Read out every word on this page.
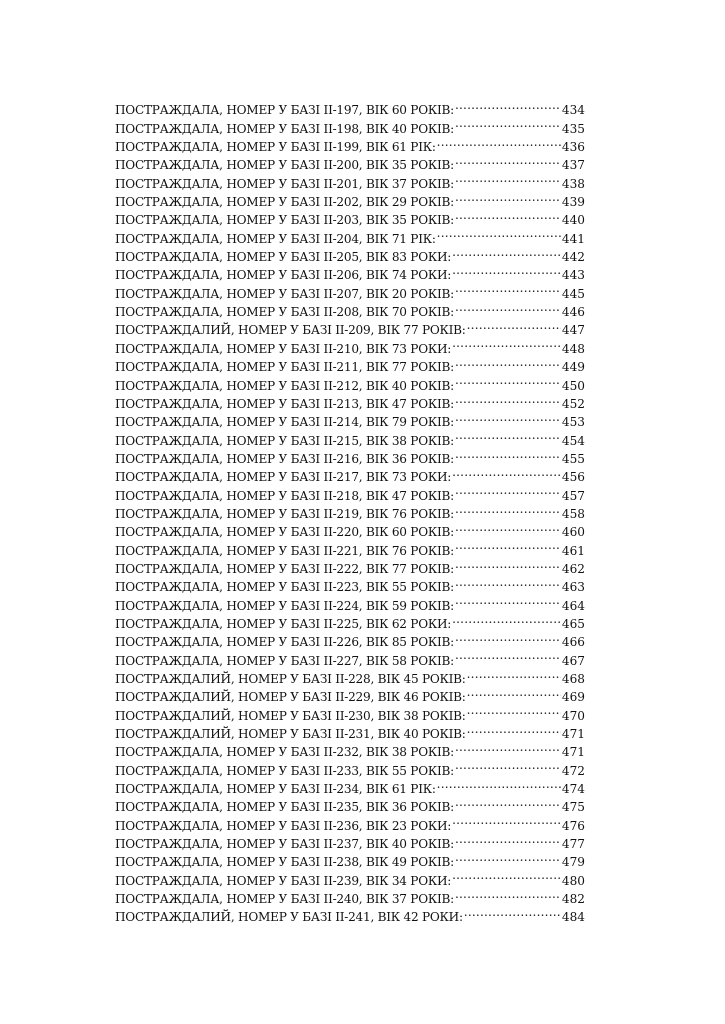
ПОСТРАЖДАЛА, НОМЕР У БАЗІ II-197, ВІК 60 РОКІВ: .....	434
ПОСТРАЖДАЛА, НОМЕР У БАЗІ II-198, ВІК 40 РОКІВ: .....	435
ПОСТРАЖДАЛА, НОМЕР У БАЗІ II-199, ВІК 61 РІК: .....	436
ПОСТРАЖДАЛА, НОМЕР У БАЗІ II-200, ВІК 35 РОКІВ: .....	437
ПОСТРАЖДАЛА, НОМЕР У БАЗІ II-201, ВІК 37 РОКІВ: .....	438
ПОСТРАЖДАЛА, НОМЕР У БАЗІ II-202, ВІК 29 РОКІВ: .....	439
ПОСТРАЖДАЛА, НОМЕР У БАЗІ II-203, ВІК 35 РОКІВ: .....	440
ПОСТРАЖДАЛА, НОМЕР У БАЗІ II-204, ВІК 71 РІК: .....	441
ПОСТРАЖДАЛА, НОМЕР У БАЗІ II-205, ВІК 83 РОКИ: .....	442
ПОСТРАЖДАЛА, НОМЕР У БАЗІ II-206, ВІК 74 РОКИ: .....	443
ПОСТРАЖДАЛА, НОМЕР У БАЗІ II-207, ВІК 20 РОКІВ: .....	445
ПОСТРАЖДАЛА, НОМЕР У БАЗІ II-208, ВІК 70 РОКІВ: .....	446
ПОСТРАЖДАЛИЙ, НОМЕР У БАЗІ II-209, ВІК 77 РОКІВ: .....	447
ПОСТРАЖДАЛА, НОМЕР У БАЗІ II-210, ВІК 73 РОКИ: .....	448
ПОСТРАЖДАЛА, НОМЕР У БАЗІ II-211, ВІК 77 РОКІВ: .....	449
ПОСТРАЖДАЛА, НОМЕР У БАЗІ II-212, ВІК 40 РОКІВ: .....	450
ПОСТРАЖДАЛА, НОМЕР У БАЗІ II-213, ВІК 47 РОКІВ: .....	452
ПОСТРАЖДАЛА, НОМЕР У БАЗІ II-214, ВІК 79 РОКІВ: .....	453
ПОСТРАЖДАЛА, НОМЕР У БАЗІ II-215, ВІК 38 РОКІВ: .....	454
ПОСТРАЖДАЛА, НОМЕР У БАЗІ II-216, ВІК 36 РОКІВ: .....	455
ПОСТРАЖДАЛА, НОМЕР У БАЗІ II-217, ВІК 73 РОКИ: .....	456
ПОСТРАЖДАЛА, НОМЕР У БАЗІ II-218, ВІК 47 РОКІВ: .....	457
ПОСТРАЖДАЛА, НОМЕР У БАЗІ II-219, ВІК 76 РОКІВ: .....	458
ПОСТРАЖДАЛА, НОМЕР У БАЗІ II-220, ВІК 60 РОКІВ: .....	460
ПОСТРАЖДАЛА, НОМЕР У БАЗІ II-221, ВІК 76 РОКІВ: .....	461
ПОСТРАЖДАЛА, НОМЕР У БАЗІ II-222, ВІК 77 РОКІВ: .....	462
ПОСТРАЖДАЛА, НОМЕР У БАЗІ II-223, ВІК 55 РОКІВ: .....	463
ПОСТРАЖДАЛА, НОМЕР У БАЗІ II-224, ВІК 59 РОКІВ: .....	464
ПОСТРАЖДАЛА, НОМЕР У БАЗІ II-225, ВІК 62 РОКИ: .....	465
ПОСТРАЖДАЛА, НОМЕР У БАЗІ II-226, ВІК 85 РОКІВ: .....	466
ПОСТРАЖДАЛА, НОМЕР У БАЗІ II-227, ВІК 58 РОКІВ: .....	467
ПОСТРАЖДАЛИЙ, НОМЕР У БАЗІ II-228, ВІК 45 РОКІВ: .....	468
ПОСТРАЖДАЛИЙ, НОМЕР У БАЗІ II-229, ВІК 46 РОКІВ: .....	469
ПОСТРАЖДАЛИЙ, НОМЕР У БАЗІ II-230, ВІК 38 РОКІВ: .....	470
ПОСТРАЖДАЛИЙ, НОМЕР У БАЗІ II-231, ВІК 40 РОКІВ: .....	471
ПОСТРАЖДАЛА, НОМЕР У БАЗІ II-232, ВІК 38 РОКІВ: .....	471
ПОСТРАЖДАЛА, НОМЕР У БАЗІ II-233, ВІК 55 РОКІВ: .....	472
ПОСТРАЖДАЛА, НОМЕР У БАЗІ II-234, ВІК 61 РІК: .....	474
ПОСТРАЖДАЛА, НОМЕР У БАЗІ II-235, ВІК 36 РОКІВ: .....	475
ПОСТРАЖДАЛА, НОМЕР У БАЗІ II-236, ВІК 23 РОКИ: .....	476
ПОСТРАЖДАЛА, НОМЕР У БАЗІ II-237, ВІК 40 РОКІВ: .....	477
ПОСТРАЖДАЛА, НОМЕР У БАЗІ II-238, ВІК 49 РОКІВ: .....	479
ПОСТРАЖДАЛА, НОМЕР У БАЗІ II-239, ВІК 34 РОКИ: .....	480
ПОСТРАЖДАЛА, НОМЕР У БАЗІ II-240, ВІК 37 РОКІВ: .....	482
ПОСТРАЖДАЛИЙ, НОМЕР У БАЗІ II-241, ВІК 42 РОКИ: .....	484
